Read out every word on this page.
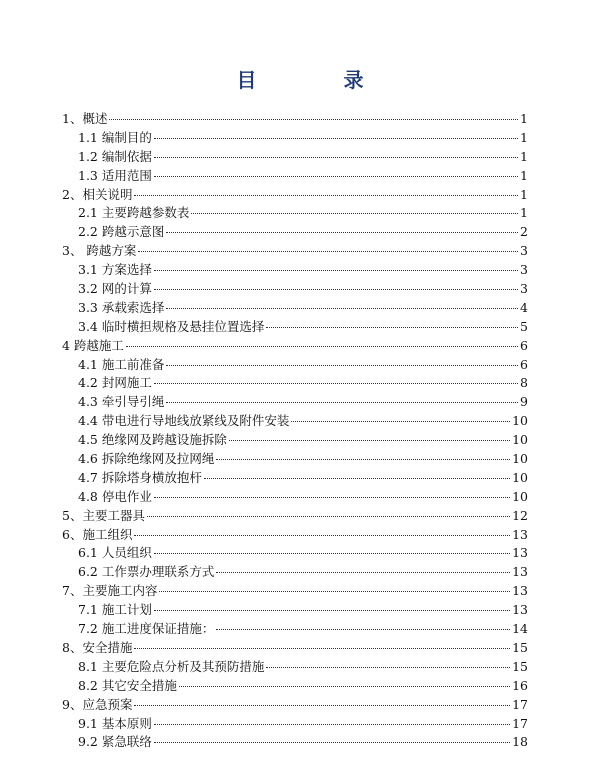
目 录
1、概述	1
1.1 编制目的	1
1.2 编制依据	1
1.3 适用范围	1
2、相关说明	1
2.1 主要跨越参数表	1
2.2 跨越示意图	2
3、 跨越方案	3
3.1 方案选择	3
3.2 网的计算	3
3.3 承载索选择	4
3.4 临时横担规格及悬挂位置选择	5
4 跨越施工	6
4.1 施工前准备	6
4.2 封网施工	8
4.3 牵引导引绳	9
4.4 带电进行导地线放紧线及附件安装	10
4.5 绝缘网及跨越设施拆除	10
4.6 拆除绝缘网及拉网绳	10
4.7 拆除塔身横放抱杆	10
4.8 停电作业	10
5、主要工器具	12
6、施工组织	13
6.1 人员组织	13
6.2 工作票办理联系方式	13
7、主要施工内容	13
7.1 施工计划	13
7.2 施工进度保证措施：	14
8、安全措施	15
8.1 主要危险点分析及其预防措施	15
8.2 其它安全措施	16
9、应急预案	17
9.1 基本原则	17
9.2 紧急联络	18
